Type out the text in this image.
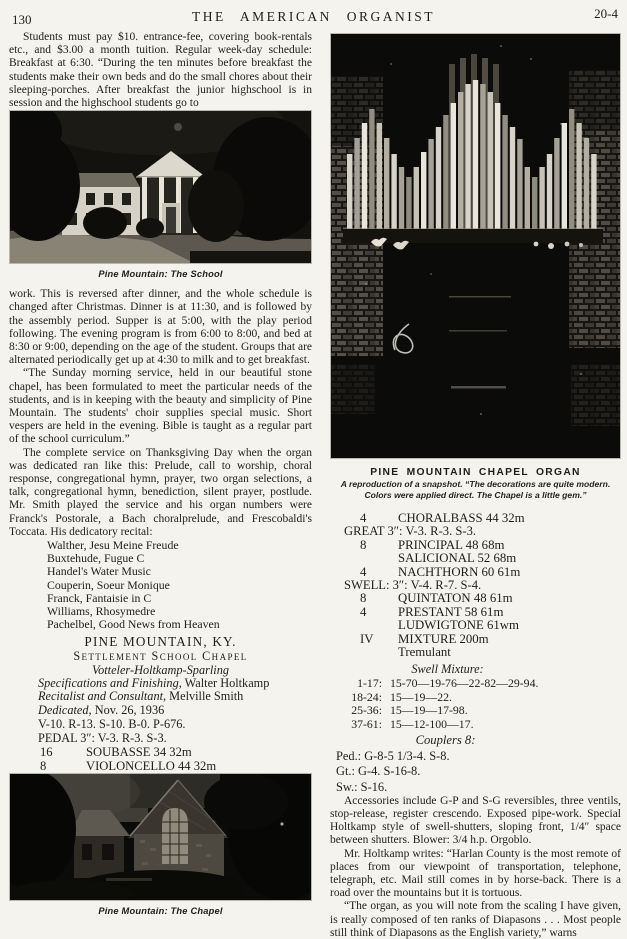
130	THE AMERICAN ORGANIST	20-4

Students must pay $10. entrance-fee, covering book-rentals etc., and $3.00 a month tuition. Regular week-day schedule: Breakfast at 6:30. “During the ten minutes before breakfast the students make their own beds and do the small chores about their sleeping-porches. After breakfast the junior highschool is in session and the highschool students go to

Pine Mountain: The School

work. This is reversed after dinner, and the whole schedule is changed after Christmas. Dinner is at 11:30, and is followed by the assembly period. Supper is at 5:00, with the play period following. The evening program is from 6:00 to 8:00, and bed at 8:30 or 9:00, depending on the age of the student. Groups that are alternated periodically get up at 4:30 to milk and to get breakfast.

“The Sunday morning service, held in our beautiful stone chapel, has been formulated to meet the particular needs of the students, and is in keeping with the beauty and simplicity of Pine Mountain. The students' choir supplies special music. Short vespers are held in the evening. Bible is taught as a regular part of the school curriculum.”

The complete service on Thanksgiving Day when the organ was dedicated ran like this: Prelude, call to worship, choral response, congregational hymn, prayer, two organ selections, a talk, congregational hymn, benediction, silent prayer, postlude. Mr. Smith played the service and his organ numbers were Franck's Postorale, a Bach choralprelude, and Frescobaldi's Toccata. His dedicatory recital:

Walther, Jesu Meine Freude
Buxtehude, Fugue C
Handel's Water Music
Couperin, Soeur Monique
Franck, Fantaisie in C
Williams, Rhosymedre
Pachelbel, Good News from Heaven
PINE MOUNTAIN, KY.
Settlement School Chapel
Votteler-Holtkamp-Sparling
Specifications and Finishing, Walter Holtkamp
Recitalist and Consultant, Melville Smith
Dedicated, Nov. 26, 1936
V-10. R-13. S-10. B-0. P-676.
PEDAL 3″: V-3. R-3. S-3.
16	SOUBASSE 34 32m
8	VIOLONCELLO 44 32m
Pine Mountain: The Chapel
PINE MOUNTAIN CHAPEL ORGAN
A reproduction of a snapshot. “The decorations are quite modern.
Colors were applied direct. The Chapel is a little gem.”
4	CHORALBASS 44 32m
GREAT 3″: V-3. R-3. S-3.
8	PRINCIPAL 48 68m
SALICIONAL 52 68m
4	NACHTHORN 60 61m
SWELL: 3″: V-4. R-7. S-4.
8	QUINTATON 48 61m
4	PRESTANT 58 61m
LUDWIGTONE 61wm
IV	MIXTURE 200m
Tremulant
Swell Mixture:
1-17: 15-70—19-76—22-82—29-94.
18-24: 15—19—22.
25-36: 15—19—17-98.
37-61: 15—12-100—17.
Couplers 8:
Ped.: G-8-5 1/3-4. S-8.
Gt.: G-4. S-16-8.
Sw.: S-16.

Accessories include G-P and S-G reversibles, three ventils, stop-release, register crescendo. Exposed pipe-work. Special Holtkamp style of swell-shutters, sloping front, 1/4″ space between shutters. Blower: 3/4 h.p. Orgoblo.

Mr. Holtkamp writes: “Harlan County is the most remote of places from our viewpoint of transportation, telephone, telegraph, etc. Mail still comes in by horse-back. There is a road over the mountains but it is tortuous.

“The organ, as you will note from the scaling I have given, is really composed of ten ranks of Diapasons . . . Most people still think of Diapasons as the English variety,” warns
